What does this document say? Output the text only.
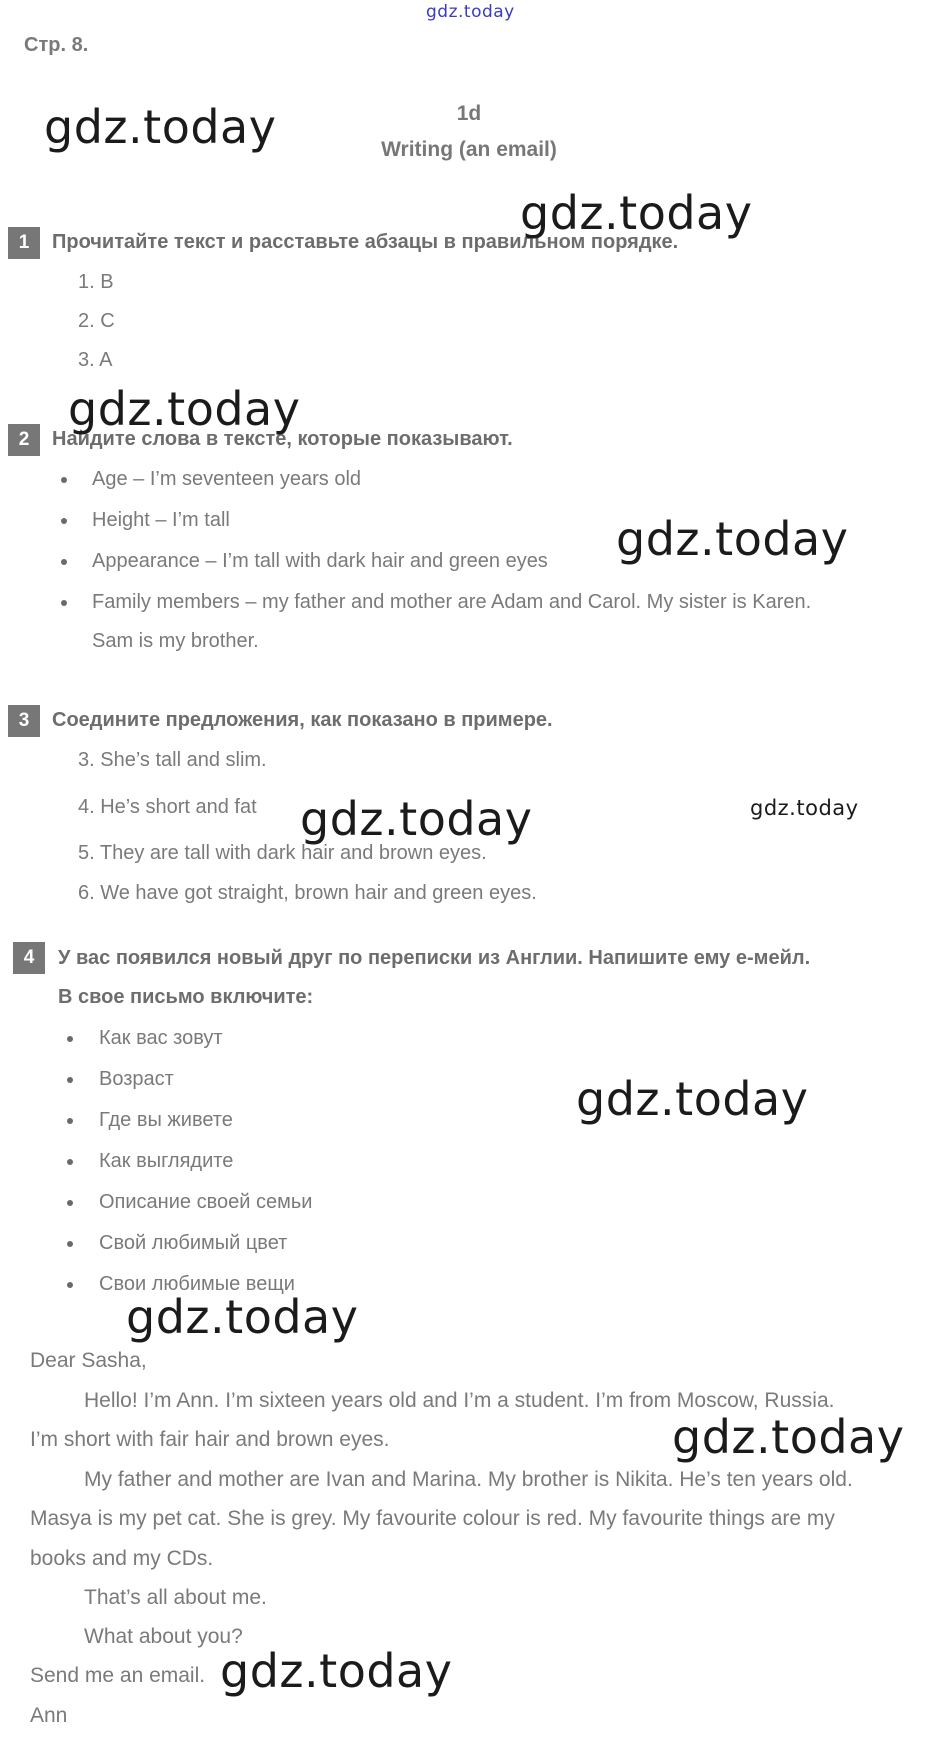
gdz.today
Стр. 8.
1d
Writing (an email)
1	Прочитайте текст и расставьте абзацы в правильном порядке.
1. B
2. C
3. A
2	Найдите слова в тексте, которые показывают.
Age – I’m seventeen years old
Height – I’m tall
Appearance – I’m tall with dark hair and green eyes
Family members – my father and mother are Adam and Carol. My sister is Karen.
Sam is my brother.
3	Соедините предложения, как показано в примере.
3. She’s tall and slim.
4. He’s short and fat
5. They are tall with dark hair and brown eyes.
6. We have got straight, brown hair and green eyes.
4	У вас появился новый друг по переписки из Англии. Напишите ему е-мейл.
В свое письмо включите:
Как вас зовут
Возраст
Где вы живете
Как выглядите
Описание своей семьи
Свой любимый цвет
Свои любимые вещи
Dear Sasha,
Hello! I’m Ann. I’m sixteen years old and I’m a student. I’m from Moscow, Russia.
I’m short with fair hair and brown eyes.
My father and mother are Ivan and Marina. My brother is Nikita. He’s ten years old.
Masya is my pet cat. She is grey. My favourite colour is red. My favourite things are my
books and my CDs.
That’s all about me.
What about you?
Send me an email.
Ann
gdz.today
gdz.today
gdz.today
gdz.today
gdz.today	gdz.today
gdz.today
gdz.today
gdz.today
gdz.today
